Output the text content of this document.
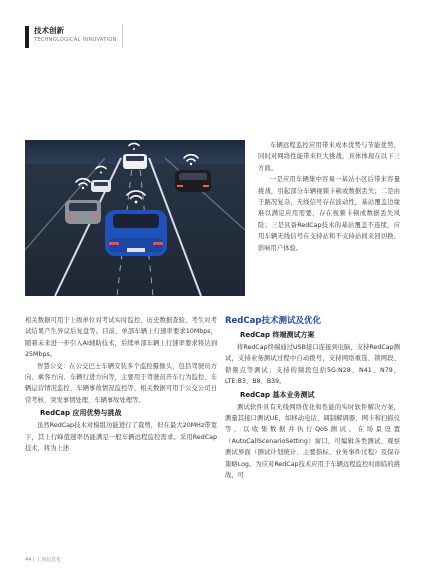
技术创新
TECHNOLOGICAL INNOVATION

车辆远程监控应用带来成本优势与节能优势，同时对网络性能带来巨大挑战，具体体现在以下三方面。

一是应用车辆集中容易一基站小区后带来容量挑战，引起部分车辆视频卡顿或数据丢失；二是由于路况复杂，无线信号存在波动性，基站覆盖边缘难以满足应用需要，存在视频卡顿或数据丢失风险；三是具备RedCap技术的基站覆盖不连续，应用车辆无线信号在支持站和不支持站间来回切换，影响用户体验。

相关数据可用于上级单位对考试实时监控、历史数据查验、考生对考试结果产生异议后复盘等。目前，单部车辆上行速率要求10Mbps，随着未来进一步引入AI辅助技术，后续单部车辆上行速率要求将达到25Mbps。

智慧公交：在公交巴士车辆安装多个监控摄像头，包括驾驶员方向、乘客方向、车辆行进方向等，主要用于驾驶员开车行为监控、车辆运营情况监控、车辆事故情况监控等，相关数据可用于公交公司日常考核、突发事情处理、车辆事故处理等。

RedCap 应用优势与挑战

虽然RedCap技术对模组功能进行了裁剪，但在最大20MHz带宽下，其上行峰值速率仍能满足一般车辆远程监控需求。采用RedCap技术，将为上述

RedCap技术测试及优化
RedCap 终端测试方案

将RedCap终端通过USB接口连接到电脑，支持RedCap测试，支持业务测试过程中自动拨号，支持网络重选、锁网段、锁频点等测试；支持的频段包括5G:N28、N41、N79，LTE:B3、B8、B39。

RedCap 基本业务测试

测试软件具有无线网络优化和性能的实时软件解决方案，测量其接口测试UE，如移动电话、调制解调器、网卡和扫描仪等，以收集数据并执行QoS测试。在场景设置（AutoCallScenarioSetting）窗口，可编辑各类测试、观察测试界面（测试计划统计、主要指标、业务事件过程）及保存策略Log。为应对RedCap技术应用于车辆远程监控时面临的挑战，可

44 | 上海信息化
